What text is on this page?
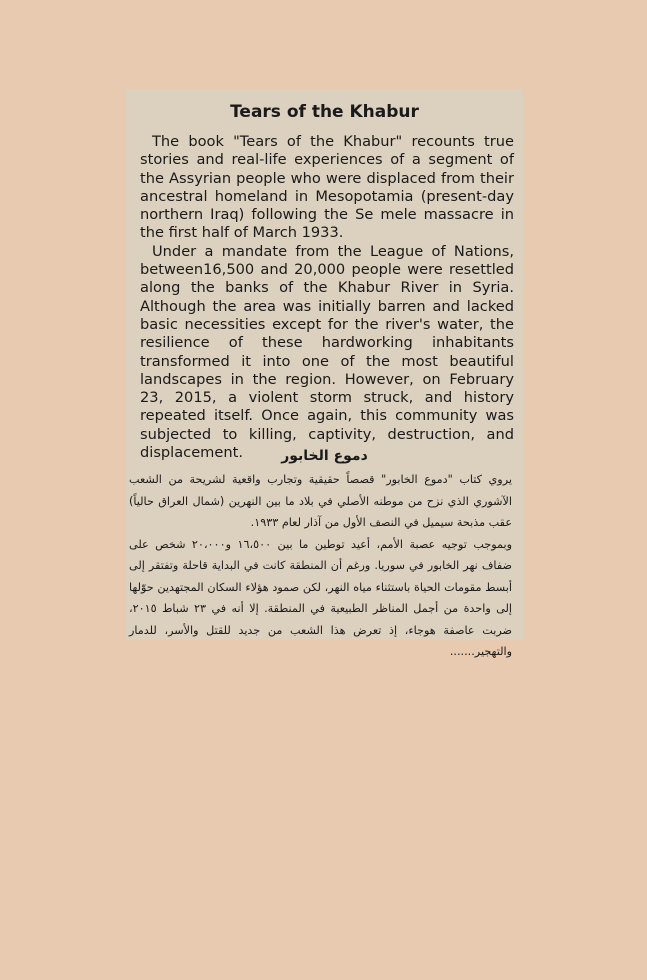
Tears of the Khabur

The book "Tears of the Khabur" recounts true stories and real-life experiences of a segment of the Assyrian people who were displaced from their ancestral homeland in Mesopotamia (present-day northern Iraq) following the Se mele massacre in the first half of March 1933.

Under a mandate from the League of Nations, between16,500 and 20,000 people were resettled along the banks of the Khabur River in Syria. Although the area was initially barren and lacked basic necessities except for the river's water, the resilience of these hardworking inhabitants transformed it into one of the most beautiful landscapes in the region. However, on February 23, 2015, a violent storm struck, and history repeated itself. Once again, this community was subjected to killing, captivity, destruction, and displacement.	دموع الخابور

يروي كتاب "دموع الخابور" قصصاً حقيقية وتجارب واقعية لشريحة من الشعب الآشوري الذي نزح من موطنه الأصلي في بلاد ما بين النهرين (شمال العراق حالياً) عقب مذبحة سيميل في النصف الأول من آذار لعام ١٩٣٣.

وبموجب توجيه عصبة الأمم، أعيد توطين ما بين ١٦،٥٠٠ و٢٠،٠٠٠ شخص على ضفاف نهر الخابور في سوريا. ورغم أن المنطقة كانت في البداية قاحلة وتفتقر إلى أبسط مقومات الحياة باستثناء مياه النهر، لكن صمود هؤلاء السكان المجتهدين حوّلها إلى واحدة من أجمل المناظر الطبيعية في المنطقة. إلا أنه في ٢٣ شباط ٢٠١٥، ضربت عاصفة هوجاء، إذ تعرض هذا الشعب من جديد للقتل والأسر، للدمار والتهجير.......
